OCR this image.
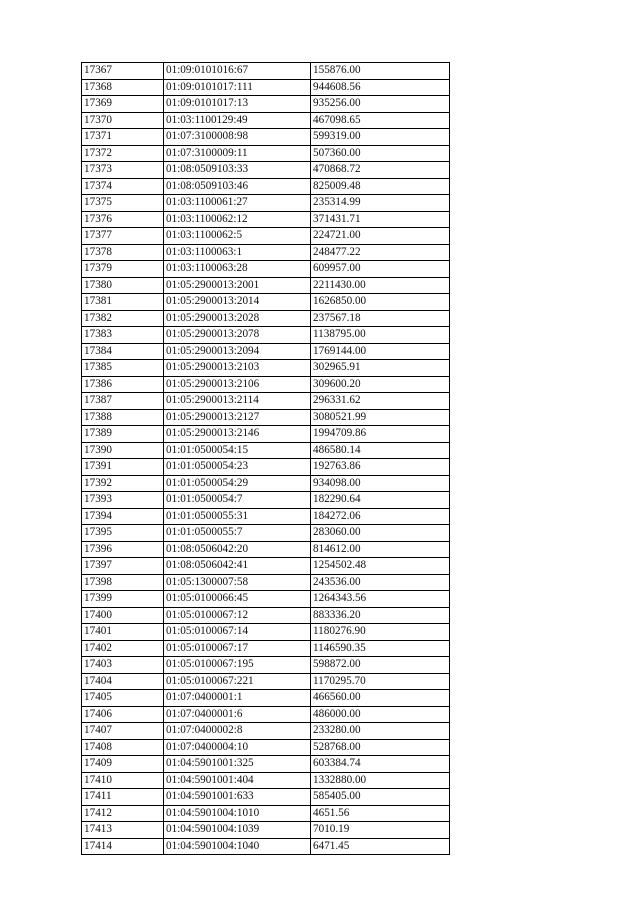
17367	01:09:0101016:67	155876.00
17368	01:09:0101017:111	944608.56
17369	01:09:0101017:13	935256.00
17370	01:03:1100129:49	467098.65
17371	01:07:3100008:98	599319.00
17372	01:07:3100009:11	507360.00
17373	01:08:0509103:33	470868.72
17374	01:08:0509103:46	825009.48
17375	01:03:1100061:27	235314.99
17376	01:03:1100062:12	371431.71
17377	01:03:1100062:5	224721.00
17378	01:03:1100063:1	248477.22
17379	01:03:1100063:28	609957.00
17380	01:05:2900013:2001	2211430.00
17381	01:05:2900013:2014	1626850.00
17382	01:05:2900013:2028	237567.18
17383	01:05:2900013:2078	1138795.00
17384	01:05:2900013:2094	1769144.00
17385	01:05:2900013:2103	302965.91
17386	01:05:2900013:2106	309600.20
17387	01:05:2900013:2114	296331.62
17388	01:05:2900013:2127	3080521.99
17389	01:05:2900013:2146	1994709.86
17390	01:01:0500054:15	486580.14
17391	01:01:0500054:23	192763.86
17392	01:01:0500054:29	934098.00
17393	01:01:0500054:7	182290.64
17394	01:01:0500055:31	184272.06
17395	01:01:0500055:7	283060.00
17396	01:08:0506042:20	814612.00
17397	01:08:0506042:41	1254502.48
17398	01:05:1300007:58	243536.00
17399	01:05:0100066:45	1264343.56
17400	01:05:0100067:12	883336.20
17401	01:05:0100067:14	1180276.90
17402	01:05:0100067:17	1146590.35
17403	01:05:0100067:195	598872.00
17404	01:05:0100067:221	1170295.70
17405	01:07:0400001:1	466560.00
17406	01:07:0400001:6	486000.00
17407	01:07:0400002:8	233280.00
17408	01:07:0400004:10	528768.00
17409	01:04:5901001:325	603384.74
17410	01:04:5901001:404	1332880.00
17411	01:04:5901001:633	585405.00
17412	01:04:5901004:1010	4651.56
17413	01:04:5901004:1039	7010.19
17414	01:04:5901004:1040	6471.45
